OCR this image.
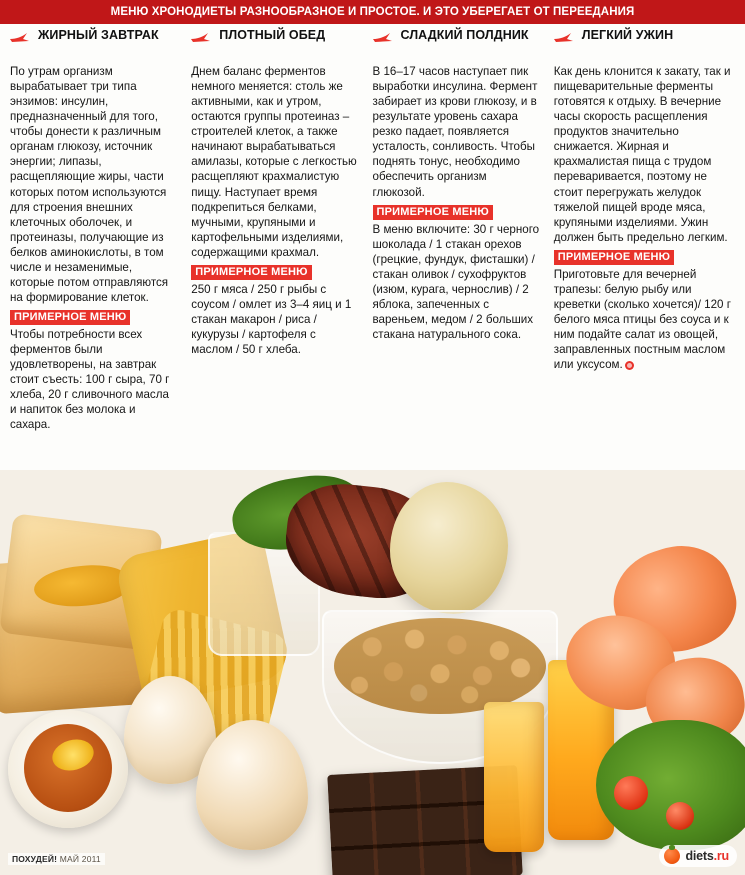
МЕНЮ ХРОНОДИЕТЫ РАЗНООБРАЗНОЕ И ПРОСТОЕ. И ЭТО УБЕРЕГАЕТ ОТ ПЕРЕЕДАНИЯ
ЖИРНЫЙ ЗАВТРАК

По утрам организм вырабатывает три типа энзимов: инсулин, предназначенный для того, чтобы донести к различным органам глюкозу, источник энергии; липазы, расщепляющие жиры, части которых потом используются для строения внешних клеточных оболочек, и протеиназы, получающие из белков аминокислоты, в том числе и незаменимые, которые потом отправляются на формирование клеток.

ПРИМЕРНОЕ МЕНЮ

Чтобы потребности всех ферментов были удовлетворены, на завтрак стоит съесть: 100 г сыра, 70 г хлеба, 20 г сливочного масла и напиток без молока и сахара.

ПЛОТНЫЙ ОБЕД

Днем баланс ферментов немного меняется: столь же активными, как и утром, остаются группы протеиназ – строителей клеток, а также начинают вырабатываться амилазы, которые с легкостью расщепляют крахмалистую пищу. Наступает время подкрепиться белками, мучными, крупяными и картофельными изделиями, содержащими крахмал.

ПРИМЕРНОЕ МЕНЮ

250 г мяса / 250 г рыбы с соусом / омлет из 3–4 яиц и 1 стакан макарон / риса / кукурузы / картофеля с маслом / 50 г хлеба.

СЛАДКИЙ ПОЛДНИК

В 16–17 часов наступает пик выработки инсулина. Фермент забирает из крови глюкозу, и в результате уровень сахара резко падает, появляется усталость, сонливость. Чтобы поднять тонус, необходимо обеспечить организм глюкозой.

ПРИМЕРНОЕ МЕНЮ

В меню включите: 30 г черного шоколада / 1 стакан орехов (грецкие, фундук, фисташки) / стакан оливок / сухофруктов (изюм, курага, чернослив) / 2 яблока, запеченных с вареньем, медом / 2 больших стакана натурального сока.

ЛЕГКИЙ УЖИН

Как день клонится к закату, так и пищеварительные ферменты готовятся к отдыху. В вечерние часы скорость расщепления продуктов значительно снижается. Жирная и крахмалистая пища с трудом переваривается, поэтому не стоит перегружать желудок тяжелой пищей вроде мяса, крупяными изделиями. Ужин должен быть предельно легким.

ПРИМЕРНОЕ МЕНЮ

Приготовьте для вечерней трапезы: белую рыбу или креветки (сколько хочется)/ 120 г белого мяса птицы без соуса и к ним подайте салат из овощей, заправленных постным маслом или уксусом.

ПОХУДЕЙ! МАЙ 2011	diets.ru
